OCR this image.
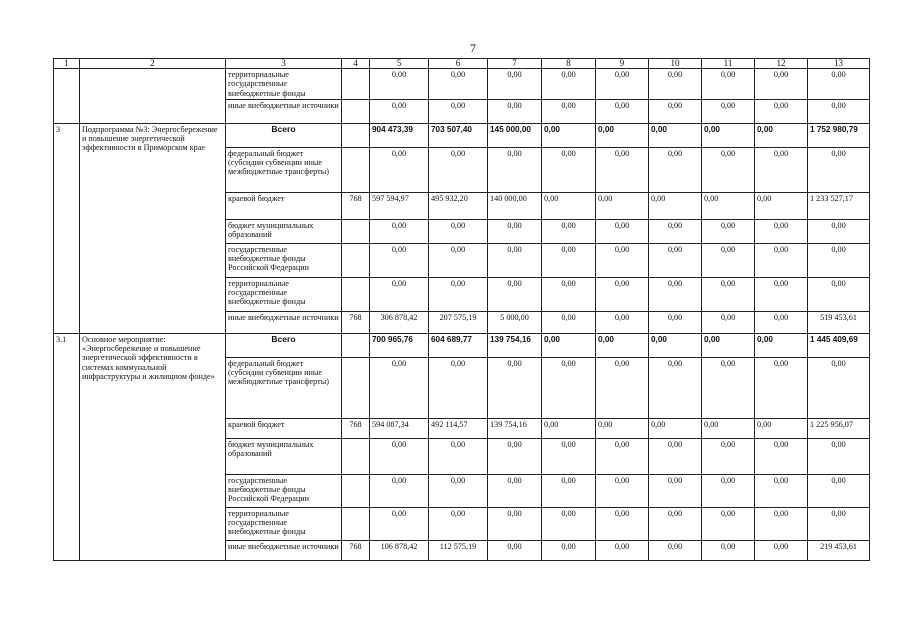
7
1	2	3	4	5	6	7	8	9	10	11	12	13
		территориальные государственные внебюджетные фонды		0,00	0,00	0,00	0,00	0,00	0,00	0,00	0,00	0,00
		иные внебюджетные источники		0,00	0,00	0,00	0,00	0,00	0,00	0,00	0,00	0,00
3	Подпрограмма №3: Энергосбережение и повышение энергетической эффективности в Приморском крае	Всего		904 473,39	703 507,40	145 000,00	0,00	0,00	0,00	0,00	0,00	1 752 980,79
		федеральный бюджет (субсидии субвенции иные межбюджетные трансферты)		0,00	0,00	0,00	0,00	0,00	0,00	0,00	0,00	0,00
		краевой бюджет	768	597 594,97	495 932,20	140 000,00	0,00	0,00	0,00	0,00	0,00	1 233 527,17
		бюджет муниципальных образований		0,00	0,00	0,00	0,00	0,00	0,00	0,00	0,00	0,00
		государственные внебюджетные фонды Российской Федерации		0,00	0,00	0,00	0,00	0,00	0,00	0,00	0,00	0,00
		территориальные государственные внебюджетные фонды		0,00	0,00	0,00	0,00	0,00	0,00	0,00	0,00	0,00
		иные внебюджетные источники	768	306 878,42	207 575,19	5 000,00	0,00	0,00	0,00	0,00	0,00	519 453,61
3.1	Основное мероприятие: «Энергосбережение и повышение энергетической эффективности в системах коммунальной инфраструктуры и жилищном фонде»	Всего		700 965,76	604 689,77	139 754,16	0,00	0,00	0,00	0,00	0,00	1 445 409,69
		федеральный бюджет (субсидии субвенции иные межбюджетные трансферты)		0,00	0,00	0,00	0,00	0,00	0,00	0,00	0,00	0,00
		краевой бюджет	768	594 087,34	492 114,57	139 754,16	0,00	0,00	0,00	0,00	0,00	1 225 956,07
		бюджет муниципальных образований		0,00	0,00	0,00	0,00	0,00	0,00	0,00	0,00	0,00
		государственные внебюджетные фонды Российской Федерации		0,00	0,00	0,00	0,00	0,00	0,00	0,00	0,00	0,00
		территориальные государственные внебюджетные фонды		0,00	0,00	0,00	0,00	0,00	0,00	0,00	0,00	0,00
		иные внебюджетные источники	768	106 878,42	112 575,19	0,00	0,00	0,00	0,00	0,00	0,00	219 453,61
